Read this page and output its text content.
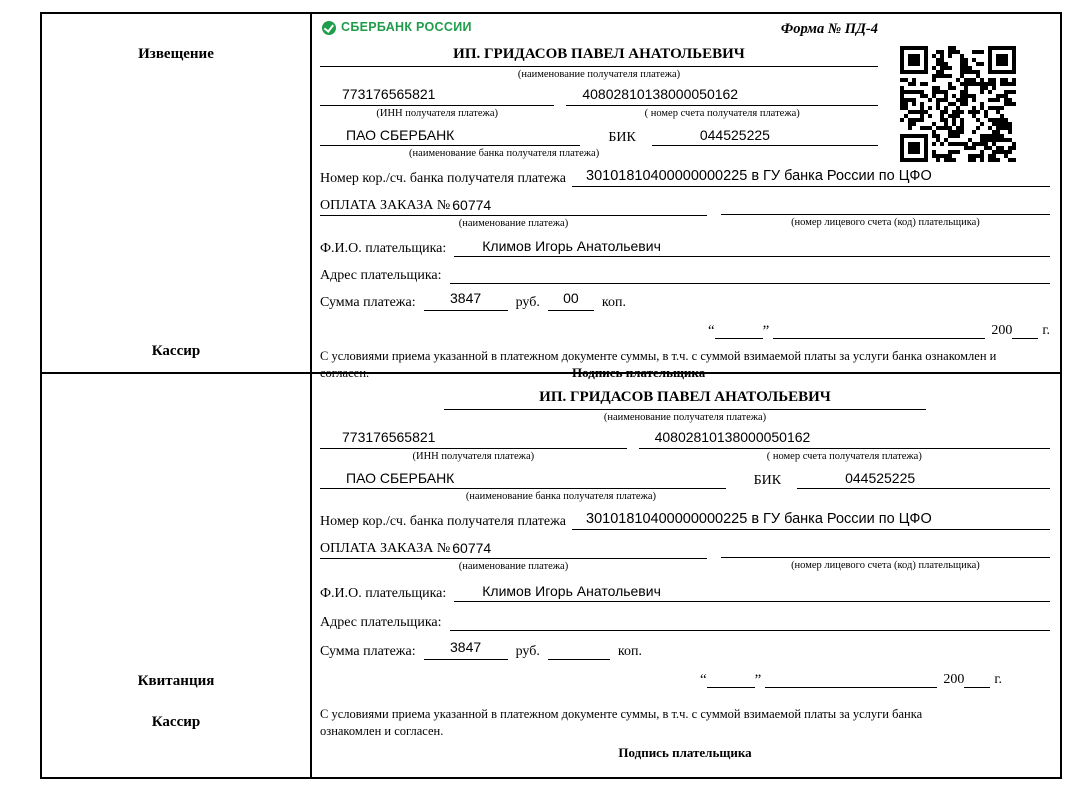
Извещение
Кассир
СБЕРБАНК РОССИИ	Форма № ПД-4
ИП. ГРИДАСОВ ПАВЕЛ АНАТОЛЬЕВИЧ
(наименование получателя платежа)
773176565821
(ИНН получателя платежа)
40802810138000050162
( номер счета получателя платежа)
ПАО СБЕРБАНК	БИК	044525225
(наименование банка получателя платежа)
Номер кор./сч. банка получателя платежа	30101810400000000225 в ГУ банка России по ЦФО
ОПЛАТА ЗАКАЗА № 60774
(наименование платежа)	(номер лицевого счета (код) плательщика)
Ф.И.О. плательщика:	Климов Игорь Анатольевич
Адрес плательщика:
Сумма платежа:	3847	руб.	00	коп.
“	”	200 г.
С условиями приема указанной в платежном документе суммы, в т.ч. с суммой взимаемой платы за услуги банка ознакомлен и согласен.	Подпись плательщика
Квитанция
Кассир
ИП. ГРИДАСОВ ПАВЕЛ АНАТОЛЬЕВИЧ
(наименование получателя платежа)
773176565821
(ИНН получателя платежа)
40802810138000050162
( номер счета получателя платежа)
ПАО СБЕРБАНК	БИК	044525225
(наименование банка получателя платежа)
Номер кор./сч. банка получателя платежа	30101810400000000225 в ГУ банка России по ЦФО
ОПЛАТА ЗАКАЗА № 60774
(наименование платежа)	(номер лицевого счета (код) плательщика)
Ф.И.О. плательщика:	Климов Игорь Анатольевич
Адрес плательщика:
Сумма платежа:	3847	руб.	коп.
“	”	200 г.
С условиями приема указанной в платежном документе суммы, в т.ч. с суммой взимаемой платы за услуги банка ознакомлен и согласен.
Подпись плательщика
